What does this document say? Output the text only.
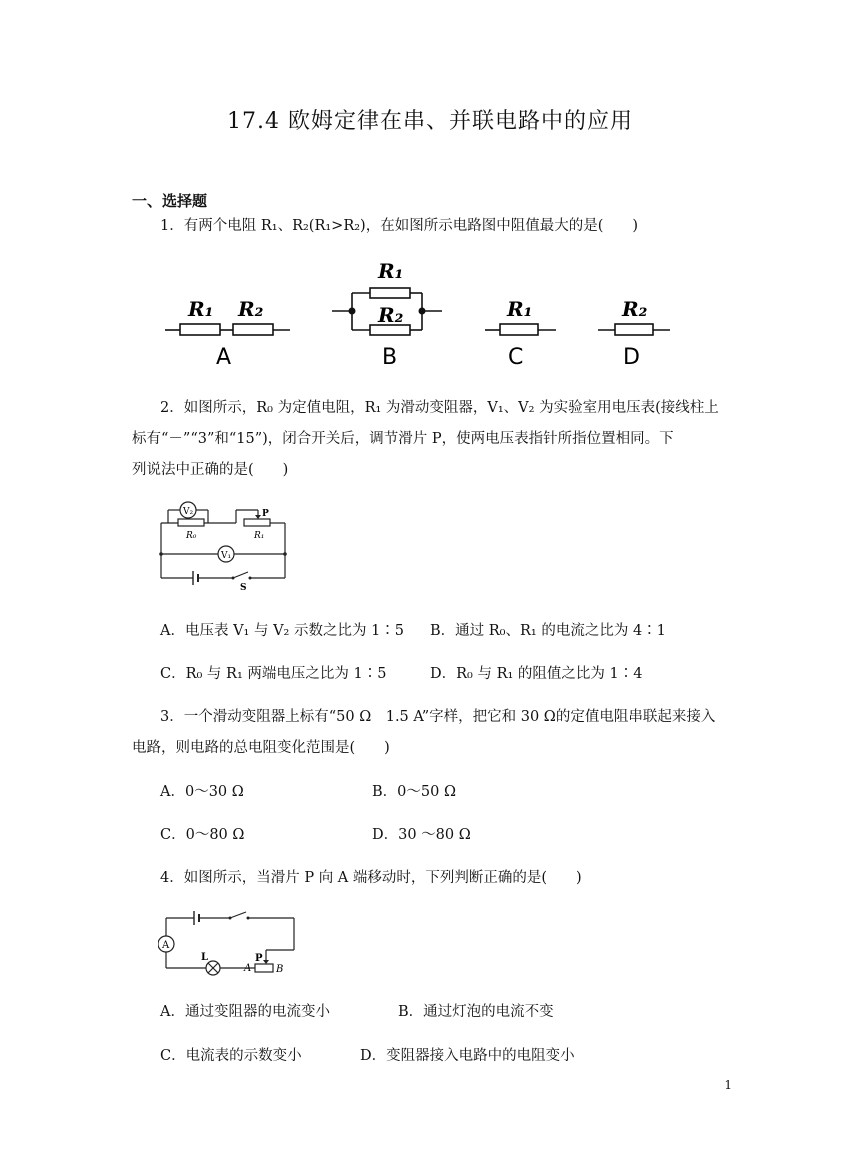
17.4 欧姆定律在串、并联电路中的应用
一、选择题
1．有两个电阻 R₁、R₂(R₁>R₂)，在如图所示电路图中阻值最大的是(　　)
R₁ R₂
A
R₁
R₂
B
R₁
C
R₂
D
2．如图所示，R₀ 为定值电阻，R₁ 为滑动变阻器，V₁、V₂ 为实验室用电压表(接线柱上
标有“－”“3”和“15”)，闭合开关后，调节滑片 P，使两电压表指针所指位置相同。下
列说法中正确的是(　　)
V₂
V₁
R₀	R₁
P
S
A．电压表 V₁ 与 V₂ 示数之比为 1∶5 B．通过 R₀、R₁ 的电流之比为 4∶1
C．R₀ 与 R₁ 两端电压之比为 1∶5	D．R₀ 与 R₁ 的阻值之比为 1∶4
3．一个滑动变阻器上标有“50 Ω　1.5 A”字样，把它和 30 Ω的定值电阻串联起来接入
电路，则电路的总电阻变化范围是(　　)
A．0～30 Ω	B．0～50 Ω
C．0～80 Ω	D．30 ～80 Ω
4．如图所示，当滑片 P 向 A 端移动时，下列判断正确的是(　　)
A
L	P
A B
A．通过变阻器的电流变小	B．通过灯泡的电流不变
C．电流表的示数变小	D．变阻器接入电路中的电阻变小
1
